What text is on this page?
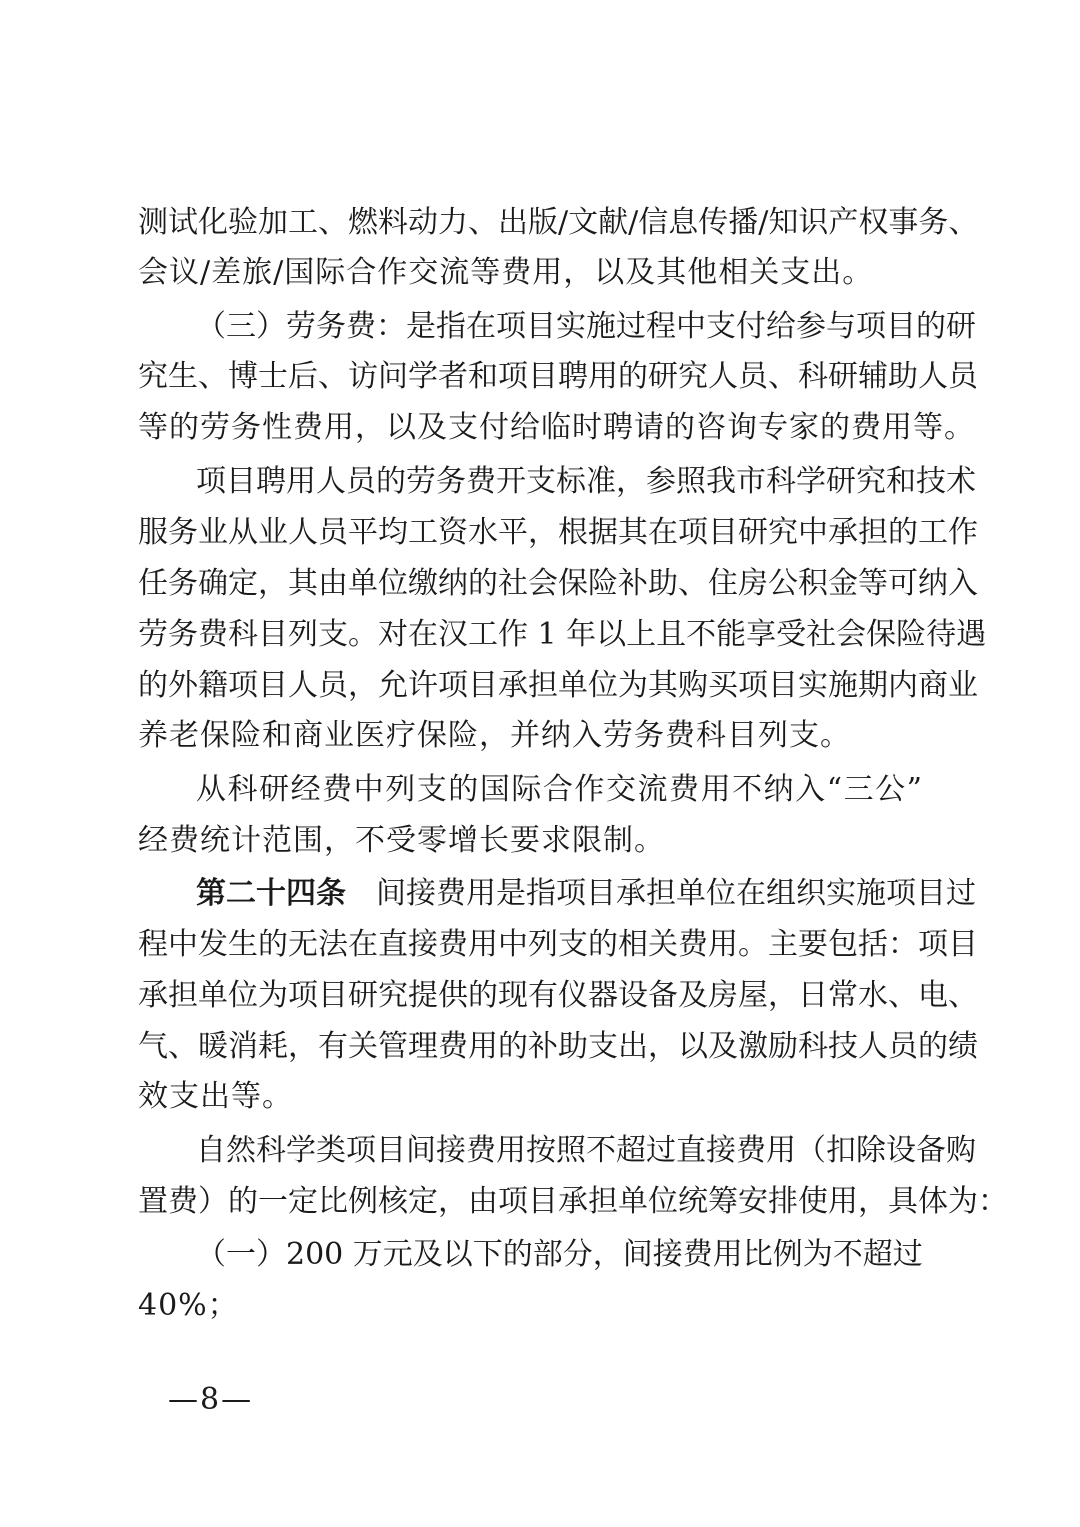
测试化验加工、燃料动力、出版/文献/信息传播/知识产权事务、
会议/差旅/国际合作交流等费用，以及其他相关支出。
（三）劳务费：是指在项目实施过程中支付给参与项目的研
究生、博士后、访问学者和项目聘用的研究人员、科研辅助人员
等的劳务性费用，以及支付给临时聘请的咨询专家的费用等。
项目聘用人员的劳务费开支标准，参照我市科学研究和技术
服务业从业人员平均工资水平，根据其在项目研究中承担的工作
任务确定，其由单位缴纳的社会保险补助、住房公积金等可纳入
劳务费科目列支。对在汉工作 1 年以上且不能享受社会保险待遇
的外籍项目人员，允许项目承担单位为其购买项目实施期内商业
养老保险和商业医疗保险，并纳入劳务费科目列支。
从科研经费中列支的国际合作交流费用不纳入“三公”
经费统计范围，不受零增长要求限制。
第二十四条 间接费用是指项目承担单位在组织实施项目过
程中发生的无法在直接费用中列支的相关费用。主要包括：项目
承担单位为项目研究提供的现有仪器设备及房屋，日常水、电、
气、暖消耗，有关管理费用的补助支出，以及激励科技人员的绩
效支出等。
自然科学类项目间接费用按照不超过直接费用（扣除设备购
置费）的一定比例核定，由项目承担单位统筹安排使用，具体为：
（一）200 万元及以下的部分，间接费用比例为不超过
40%；
—8—
